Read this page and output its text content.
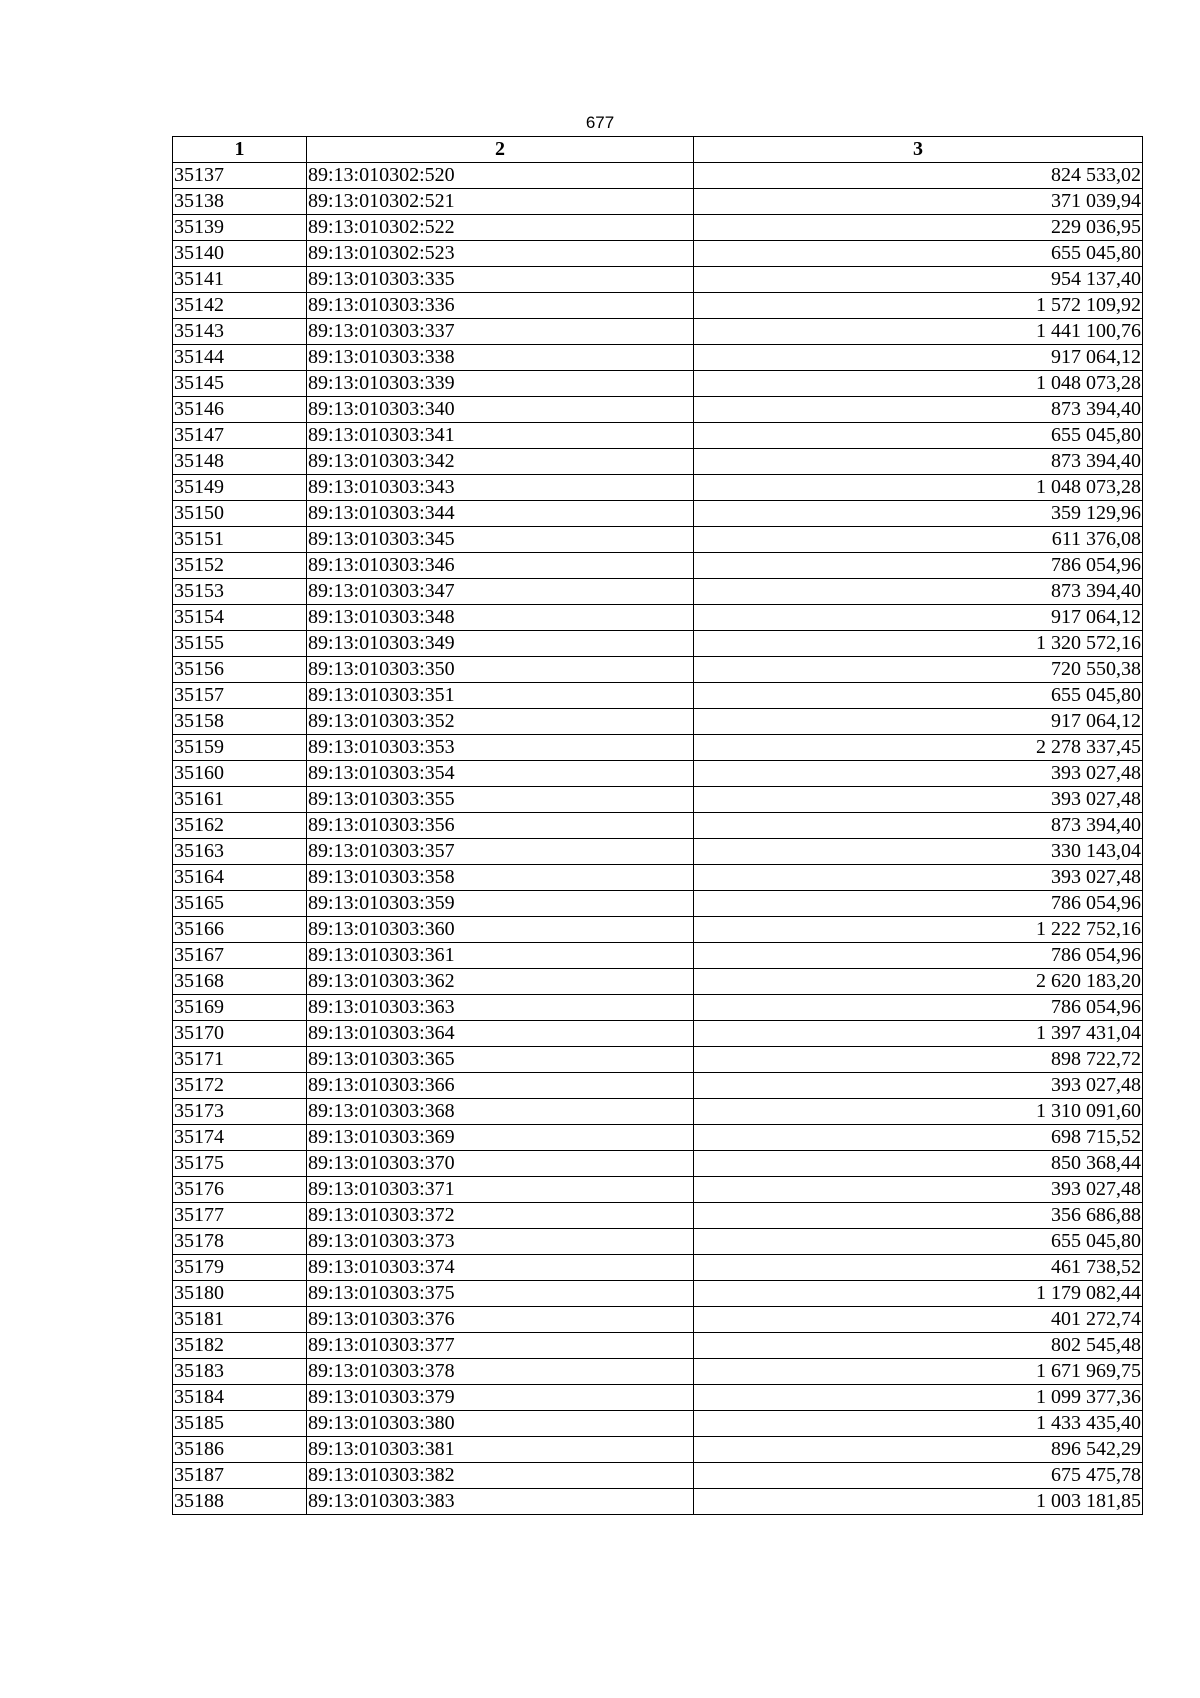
677
1	2	3
35137	89:13:010302:520	824 533,02
35138	89:13:010302:521	371 039,94
35139	89:13:010302:522	229 036,95
35140	89:13:010302:523	655 045,80
35141	89:13:010303:335	954 137,40
35142	89:13:010303:336	1 572 109,92
35143	89:13:010303:337	1 441 100,76
35144	89:13:010303:338	917 064,12
35145	89:13:010303:339	1 048 073,28
35146	89:13:010303:340	873 394,40
35147	89:13:010303:341	655 045,80
35148	89:13:010303:342	873 394,40
35149	89:13:010303:343	1 048 073,28
35150	89:13:010303:344	359 129,96
35151	89:13:010303:345	611 376,08
35152	89:13:010303:346	786 054,96
35153	89:13:010303:347	873 394,40
35154	89:13:010303:348	917 064,12
35155	89:13:010303:349	1 320 572,16
35156	89:13:010303:350	720 550,38
35157	89:13:010303:351	655 045,80
35158	89:13:010303:352	917 064,12
35159	89:13:010303:353	2 278 337,45
35160	89:13:010303:354	393 027,48
35161	89:13:010303:355	393 027,48
35162	89:13:010303:356	873 394,40
35163	89:13:010303:357	330 143,04
35164	89:13:010303:358	393 027,48
35165	89:13:010303:359	786 054,96
35166	89:13:010303:360	1 222 752,16
35167	89:13:010303:361	786 054,96
35168	89:13:010303:362	2 620 183,20
35169	89:13:010303:363	786 054,96
35170	89:13:010303:364	1 397 431,04
35171	89:13:010303:365	898 722,72
35172	89:13:010303:366	393 027,48
35173	89:13:010303:368	1 310 091,60
35174	89:13:010303:369	698 715,52
35175	89:13:010303:370	850 368,44
35176	89:13:010303:371	393 027,48
35177	89:13:010303:372	356 686,88
35178	89:13:010303:373	655 045,80
35179	89:13:010303:374	461 738,52
35180	89:13:010303:375	1 179 082,44
35181	89:13:010303:376	401 272,74
35182	89:13:010303:377	802 545,48
35183	89:13:010303:378	1 671 969,75
35184	89:13:010303:379	1 099 377,36
35185	89:13:010303:380	1 433 435,40
35186	89:13:010303:381	896 542,29
35187	89:13:010303:382	675 475,78
35188	89:13:010303:383	1 003 181,85
